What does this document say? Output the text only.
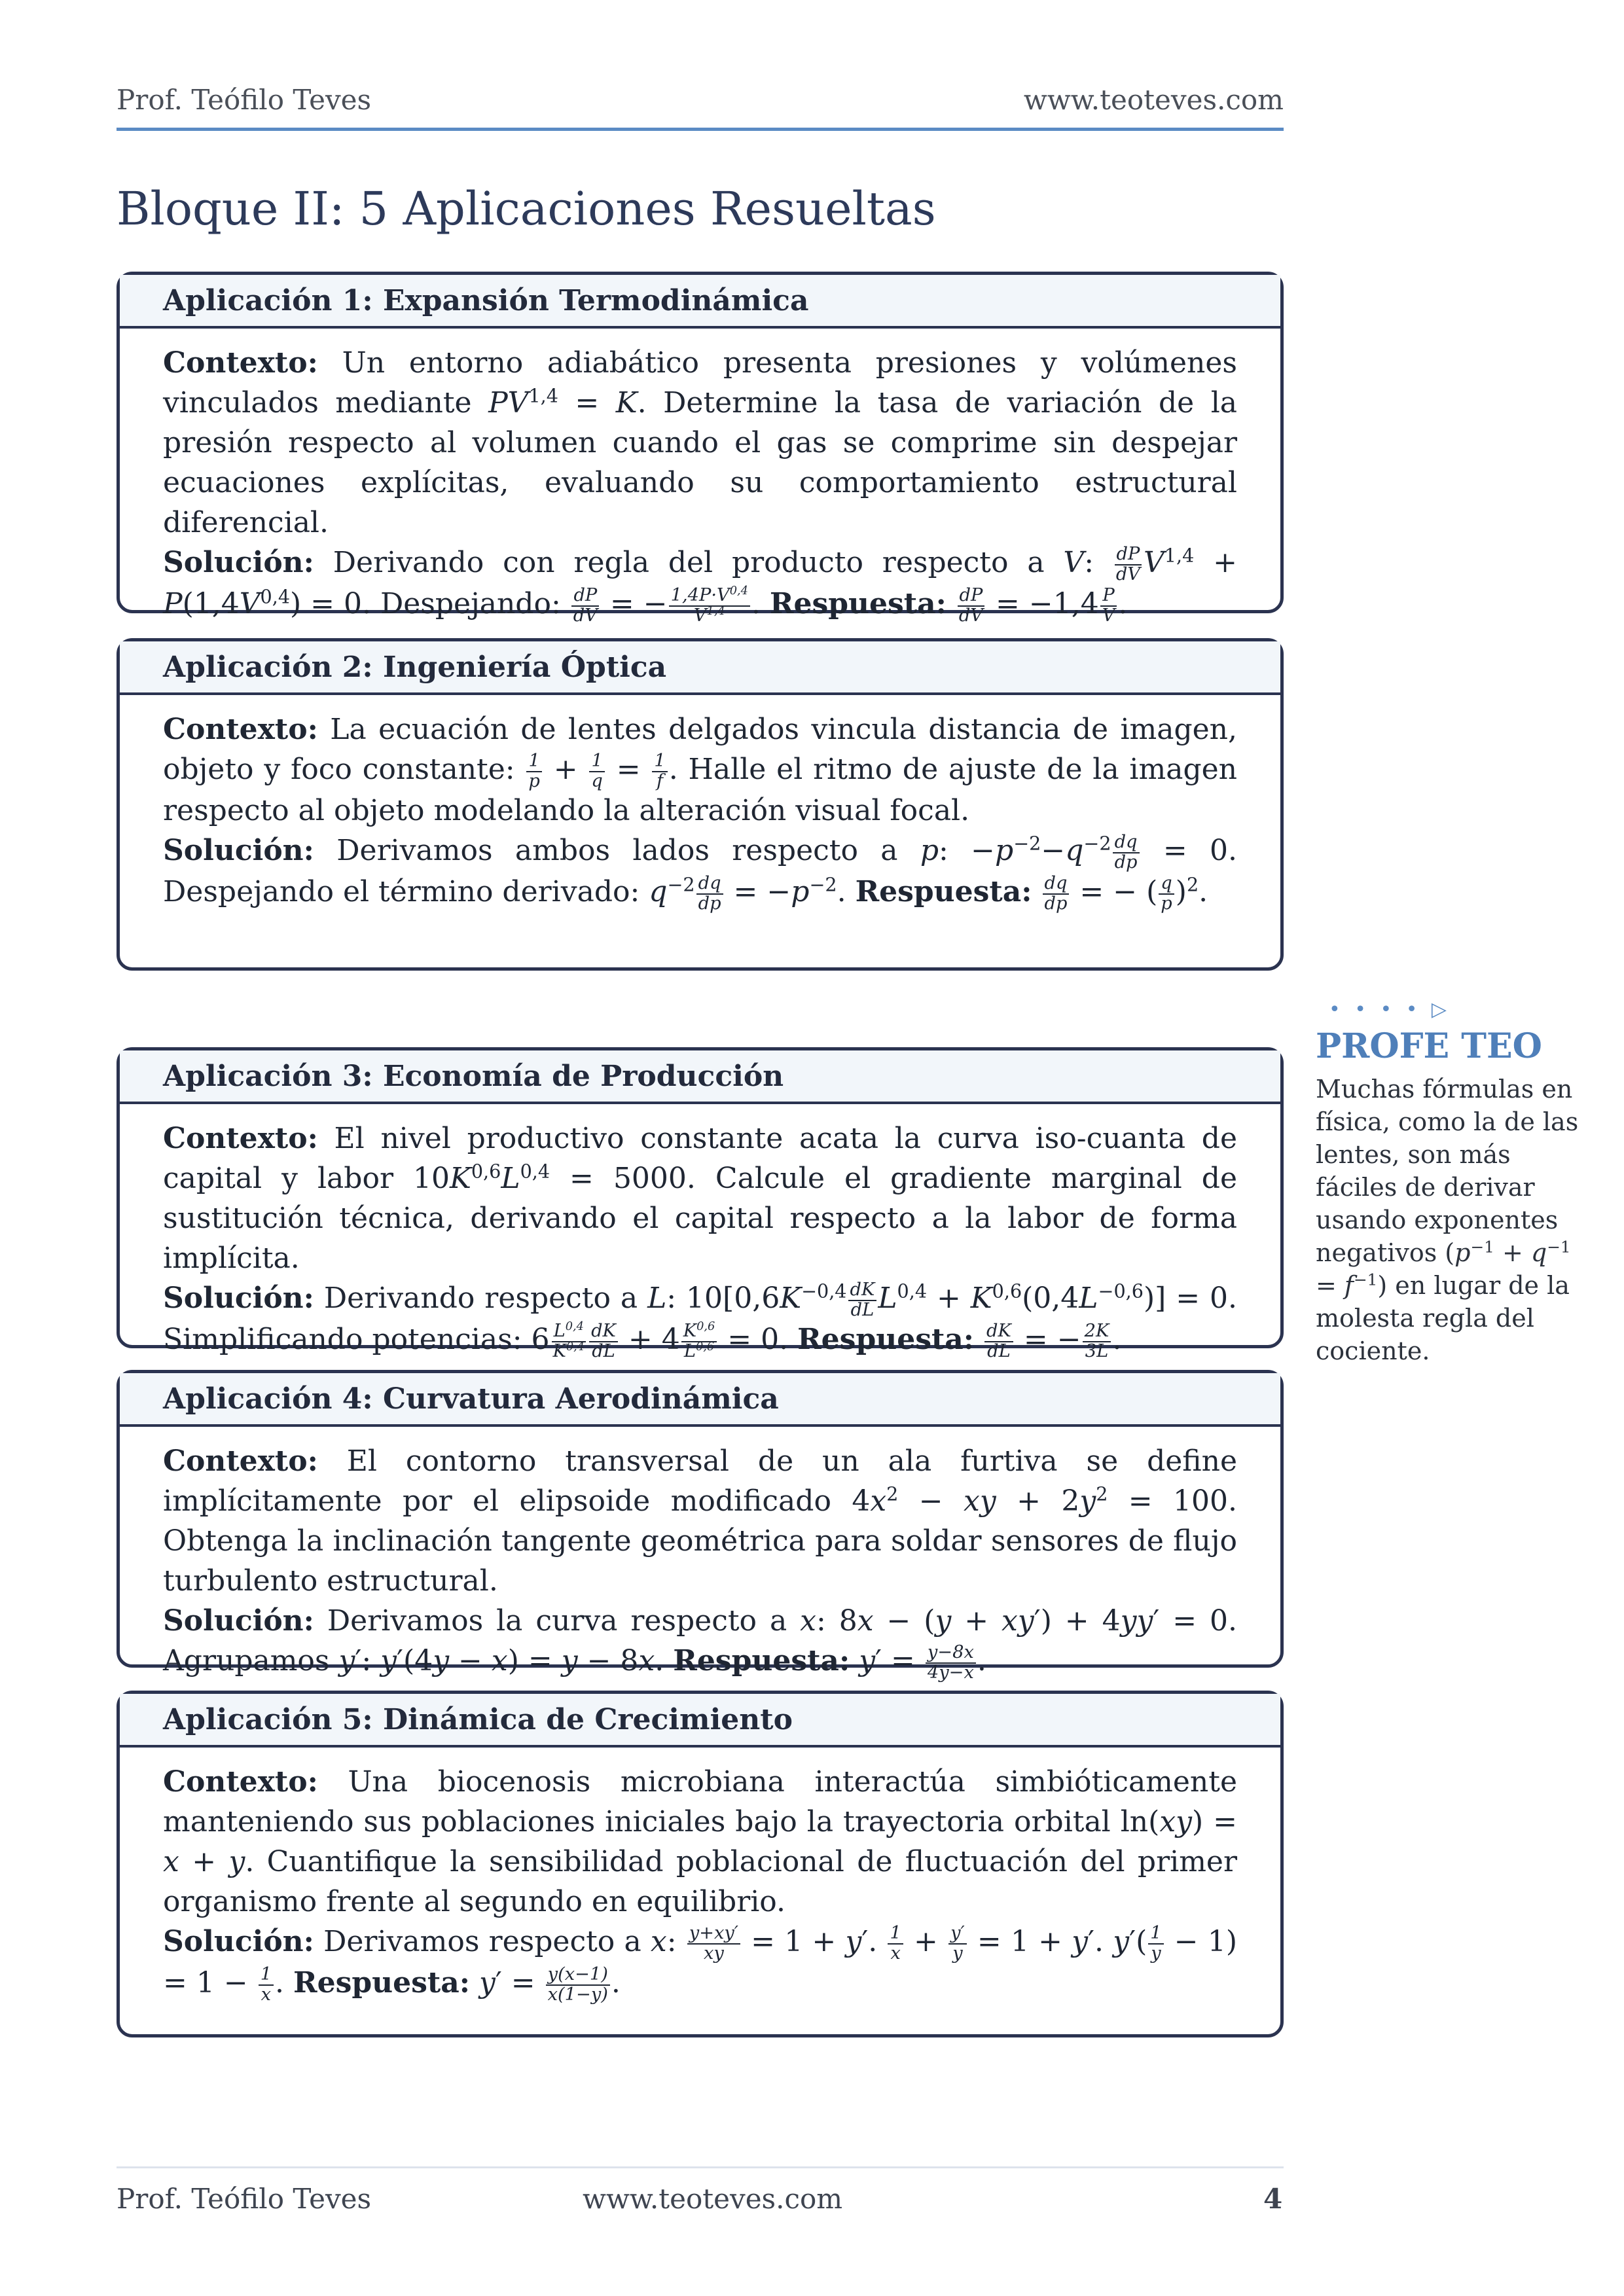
Prof. Teófilo Teves	www.teoteves.com
Bloque II: 5 Aplicaciones Resueltas
Aplicación 1: Expansión Termodinámica

Contexto: Un entorno adiabático presenta presiones y volúmenes vinculados mediante PV$^{1,4}$ = K. Determine la tasa de variación de la presión respecto al volumen cuando el gas se comprime sin despejar ecuaciones explícitas, evaluando su comportamiento estructural diferencial.

Solución: Derivando con regla del producto respecto a V: $\frac{dP}{dV} V^{1,4} + P(1,4V^{0,4}) = 0$. Despejando: $\frac{dP}{dV}$ = − $\frac{1,4P\cdot V^{0,4}}{V^{1,4}}$ . Respuesta: $\frac{dP}{dV} = -1,4 \frac{P}{V}$ .

Aplicación 2: Ingeniería Óptica

Contexto: La ecuación de lentes delgados vincula distancia de imagen, objeto y foco constante: $\frac{1}{p} + \frac{1}{q} = \frac{1}{f}$ . Halle el ritmo de ajuste de la imagen respecto al objeto modelando la alteración visual focal.

Solución: Derivamos ambos lados respecto a p: $-p^{-2}-q^{-2} \frac{dq}{dp} = 0$. Despejando el término derivado: $q^{-2} \frac{dq}{dp} = -p^{-2}$. Respuesta: $\frac{dq}{dp}$ = − ( $\frac{q}{p} )^2$.

• • • • ▷
PROFE TEO
Muchas fórmulas en física, como la de las lentes, son más fáciles de derivar usando exponentes negativos $(p^{-1} + q^{-1} = f^{-1})$ en lugar de la molesta regla del cociente.
Aplicación 3: Economía de Producción

Contexto: El nivel productivo constante acata la curva iso-cuanta de capital y labor $10K^{0,6}L^{0,4} = 5000$. Calcule el gradiente marginal de sustitución técnica, derivando el capital respecto a la labor de forma implícita.

Solución: Derivando respecto a L: $10[0,6K^{-0,4} \frac{dK}{dL} L^{0,4} + K^{0,6}(0,4L^{-0,6})] = 0$. Simplificando potencias: $6 \frac{L^{0,4}}{K^{0,4}} \frac{dK}{dL} + 4 \frac{K^{0,6}}{L^{0,6}} = 0$. Respuesta: $\frac{dK}{dL}$ = − $\frac{2K}{3L}$ .

Aplicación 4: Curvatura Aerodinámica

Contexto: El contorno transversal de un ala furtiva se define implícitamente por el elipsoide modificado $4x^2$ − xy + $2y^2 = 100$. Obtenga la inclinación tangente geométrica para soldar sensores de flujo turbulento estructural.

Solución: Derivamos la curva respecto a x: 8x − (y + xy′) + 4yy′ = 0. Agrupamos y′: y′(4y − x) = y − 8x. Respuesta: $y' = \frac{y-8x}{4y-x}$ .

Aplicación 5: Dinámica de Crecimiento

Contexto: Una biocenosis microbiana interactúa simbióticamente manteniendo sus poblaciones iniciales bajo la trayectoria orbital ln(xy) = x + y. Cuantifique la sensibilidad poblacional de fluctuación del primer organismo frente al segundo en equilibrio.

Solución: Derivamos respecto a x: $\frac{y+xy'}{xy} = 1 + y'$. $\frac{1}{x} + \frac{y'}{y} = 1 + y'$. $y'( \frac{1}{y} - 1) = 1 - \frac{1}{x}$ . Respuesta: $y' = \frac{y(x-1)}{x(1-y)}$ .

Prof. Teófilo Teves	www.teoteves.com	4
